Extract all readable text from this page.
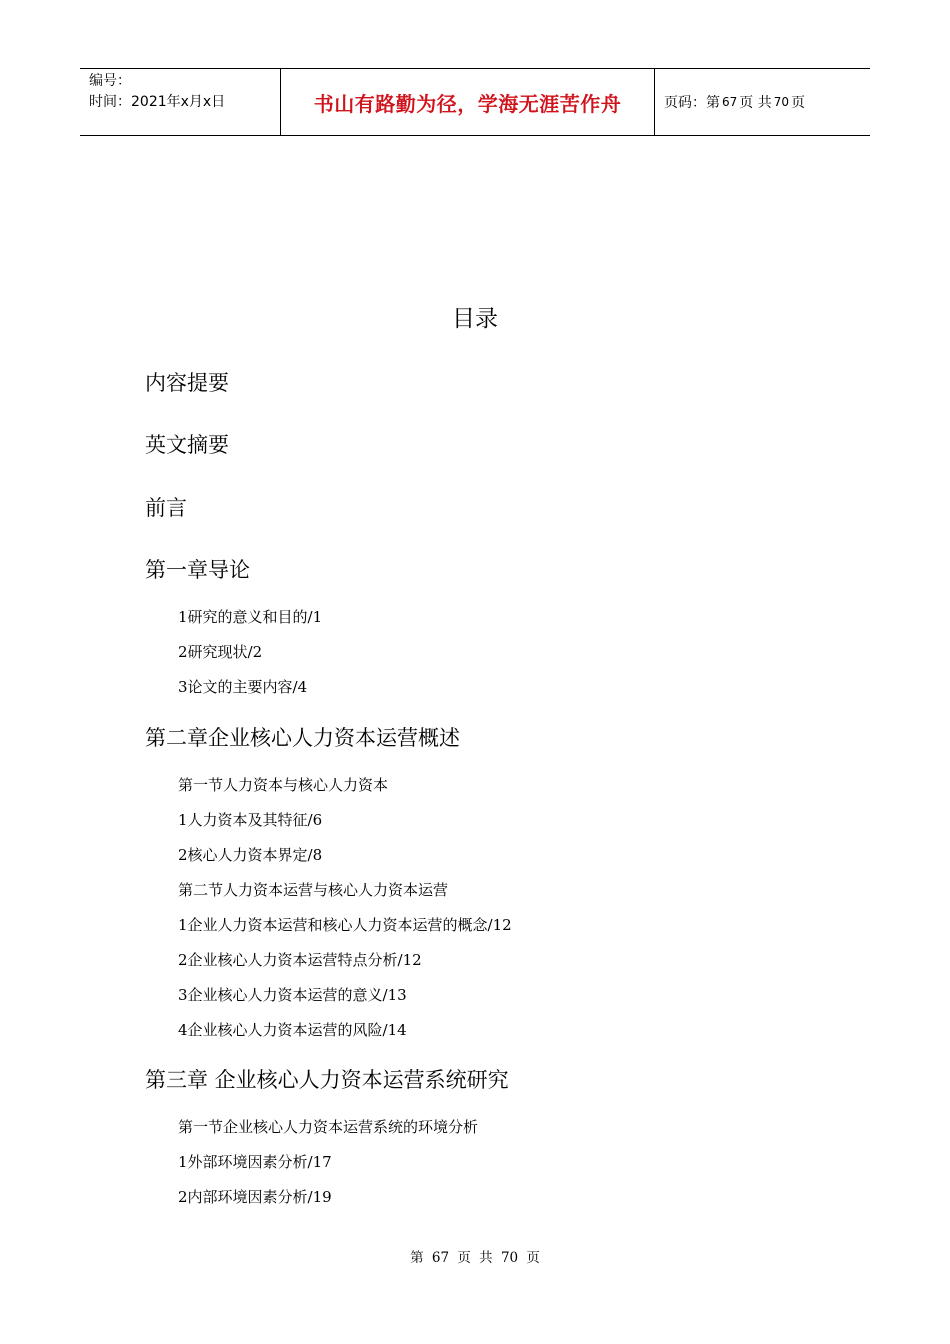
编号：
时间：2021年x月x日	书山有路勤为径，学海无涯苦作舟	页码：第 67 页 共 70 页
目录
内容提要
英文摘要
前言
第一章导论
1研究的意义和目的/1
2研究现状/2
3论文的主要内容/4
第二章企业核心人力资本运营概述
第一节人力资本与核心人力资本
1人力资本及其特征/6
2核心人力资本界定/8
第二节人力资本运营与核心人力资本运营
1企业人力资本运营和核心人力资本运营的概念/12
2企业核心人力资本运营特点分析/12
3企业核心人力资本运营的意义/13
4企业核心人力资本运营的风险/14
第三章 企业核心人力资本运营系统研究
第一节企业核心人力资本运营系统的环境分析
1外部环境因素分析/17
2内部环境因素分析/19
第 67 页 共 70 页
